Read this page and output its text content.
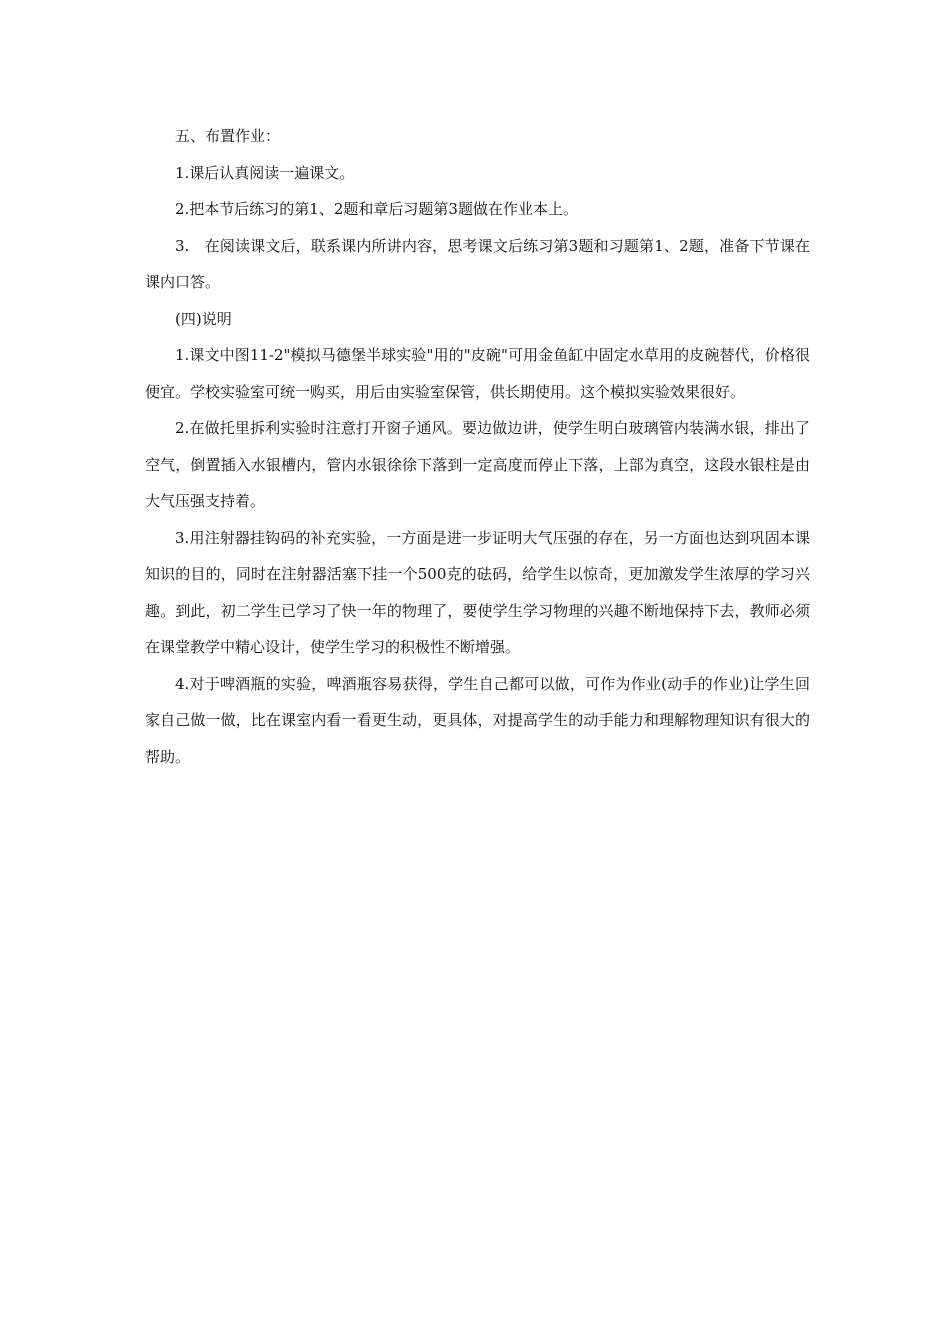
五、布置作业：

1.课后认真阅读一遍课文。

2.把本节后练习的第1、2题和章后习题第3题做在作业本上。

3.　在阅读课文后，联系课内所讲内容，思考课文后练习第3题和习题第1、2题，准备下节课在课内口答。

(四)说明

1.课文中图11-2"模拟马德堡半球实验"用的"皮碗"可用金鱼缸中固定水草用的皮碗替代，价格很便宜。学校实验室可统一购买，用后由实验室保管，供长期使用。这个模拟实验效果很好。

2.在做托里拆利实验时注意打开窗子通风。要边做边讲，使学生明白玻璃管内装满水银，排出了空气，倒置插入水银槽内，管内水银徐徐下落到一定高度而停止下落，上部为真空，这段水银柱是由大气压强支持着。

3.用注射器挂钩码的补充实验，一方面是进一步证明大气压强的存在，另一方面也达到巩固本课知识的目的，同时在注射器活塞下挂一个500克的砝码，给学生以惊奇，更加激发学生浓厚的学习兴趣。到此，初二学生已学习了快一年的物理了，要使学生学习物理的兴趣不断地保持下去，教师必须在课堂教学中精心设计，使学生学习的积极性不断增强。

4.对于啤酒瓶的实验，啤酒瓶容易获得，学生自己都可以做，可作为作业(动手的作业)让学生回家自己做一做，比在课室内看一看更生动，更具体，对提高学生的动手能力和理解物理知识有很大的帮助。
